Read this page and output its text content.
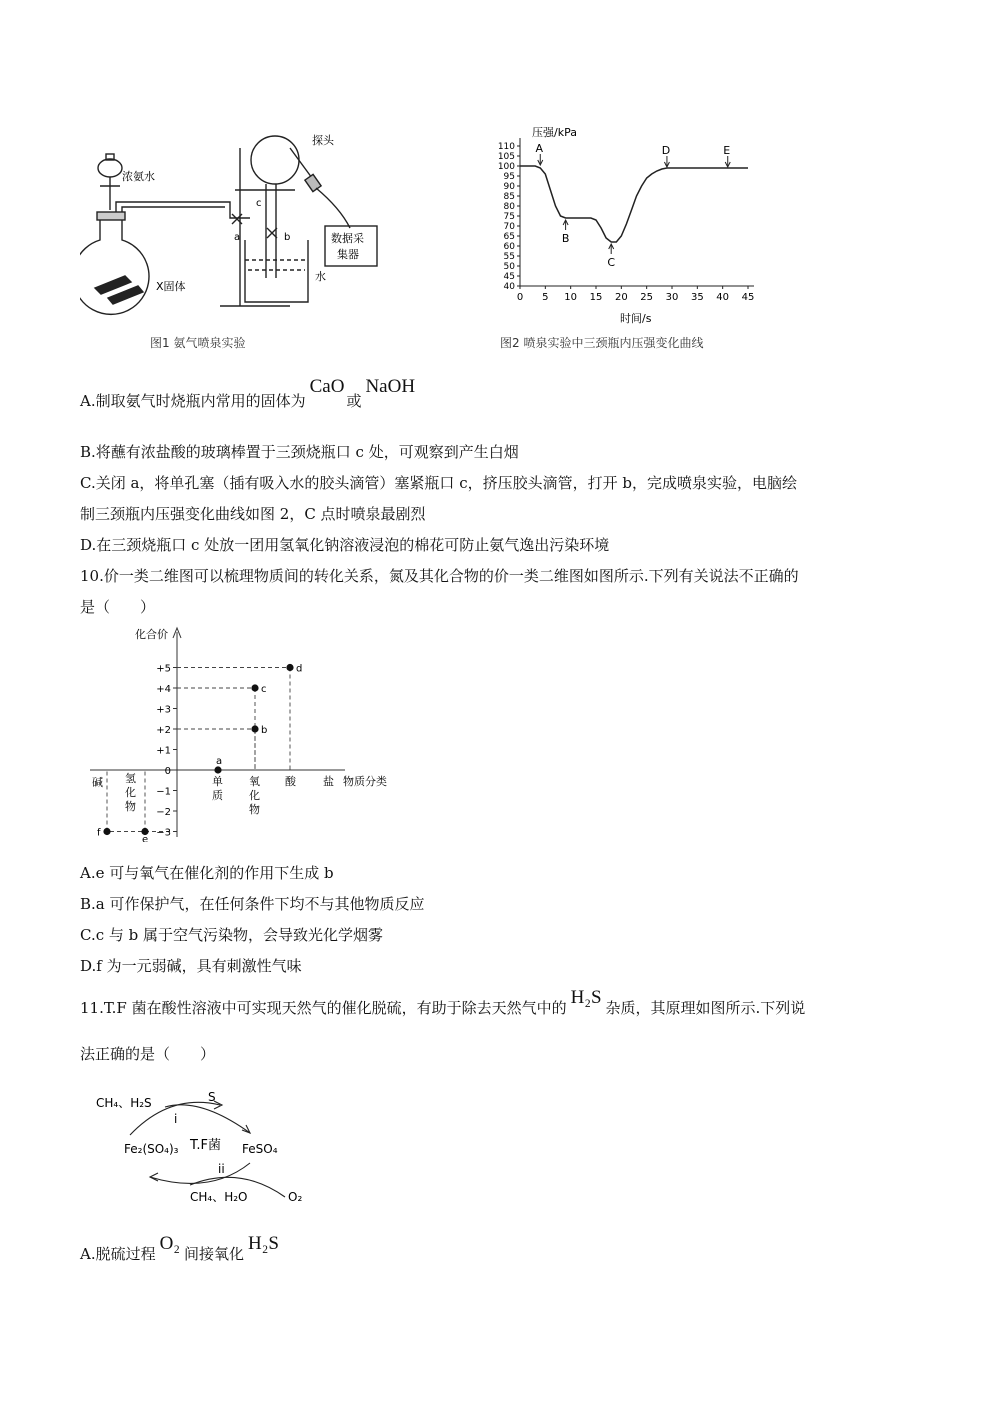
浓氨水
探头
数据采
集器
X固体
水
c
a	b
图1 氨气喷泉实验
110
105
100
95
90
85
80
75
70
65
60
55
50
45
40
0 5 10 15 20 25 30 35 40 45
A
B
C
D	E
压强/kPa
时间/s
图2 喷泉实验中三颈瓶内压强变化曲线
A.制取氨气时烧瓶内常用的固体为CaO或NaOH
B.将蘸有浓盐酸的玻璃棒置于三颈烧瓶口 c 处，可观察到产生白烟
C.关闭 a，将单孔塞（插有吸入水的胶头滴管）塞紧瓶口 c，挤压胶头滴管，打开 b，完成喷泉实验，电脑绘
制三颈瓶内压强变化曲线如图 2，C 点时喷泉最剧烈
D.在三颈烧瓶口 c 处放一团用氢氧化钠溶液浸泡的棉花可防止氨气逸出污染环境
10.价一类二维图可以梳理物质间的转化关系，氮及其化合物的价一类二维图如图所示.下列有关说法不正确的
是（　　）
+5
+4
+3
+2
+1
0
−1
−2
−3
a
b
c
d
e
f
化合价
碱 氢
化
物
单
质
氧
化
物
酸 盐 物质分类
A.e 可与氧气在催化剂的作用下生成 b
B.a 可作保护气，在任何条件下均不与其他物质反应
C.c 与 b 属于空气污染物，会导致光化学烟雾
D.f 为一元弱碱，具有刺激性气味
11.T.F 菌在酸性溶液中可实现天然气的催化脱硫，有助于除去天然气中的 H₂S 杂质，其原理如图所示.下列说
法正确的是（　　）
CH₄、H₂S	S
i
Fe₂(SO₄)₃ T.F菌 FeSO₄
ii
CH₄、H₂O	O₂
A.脱硫过程 O₂ 间接氧化 H₂S
